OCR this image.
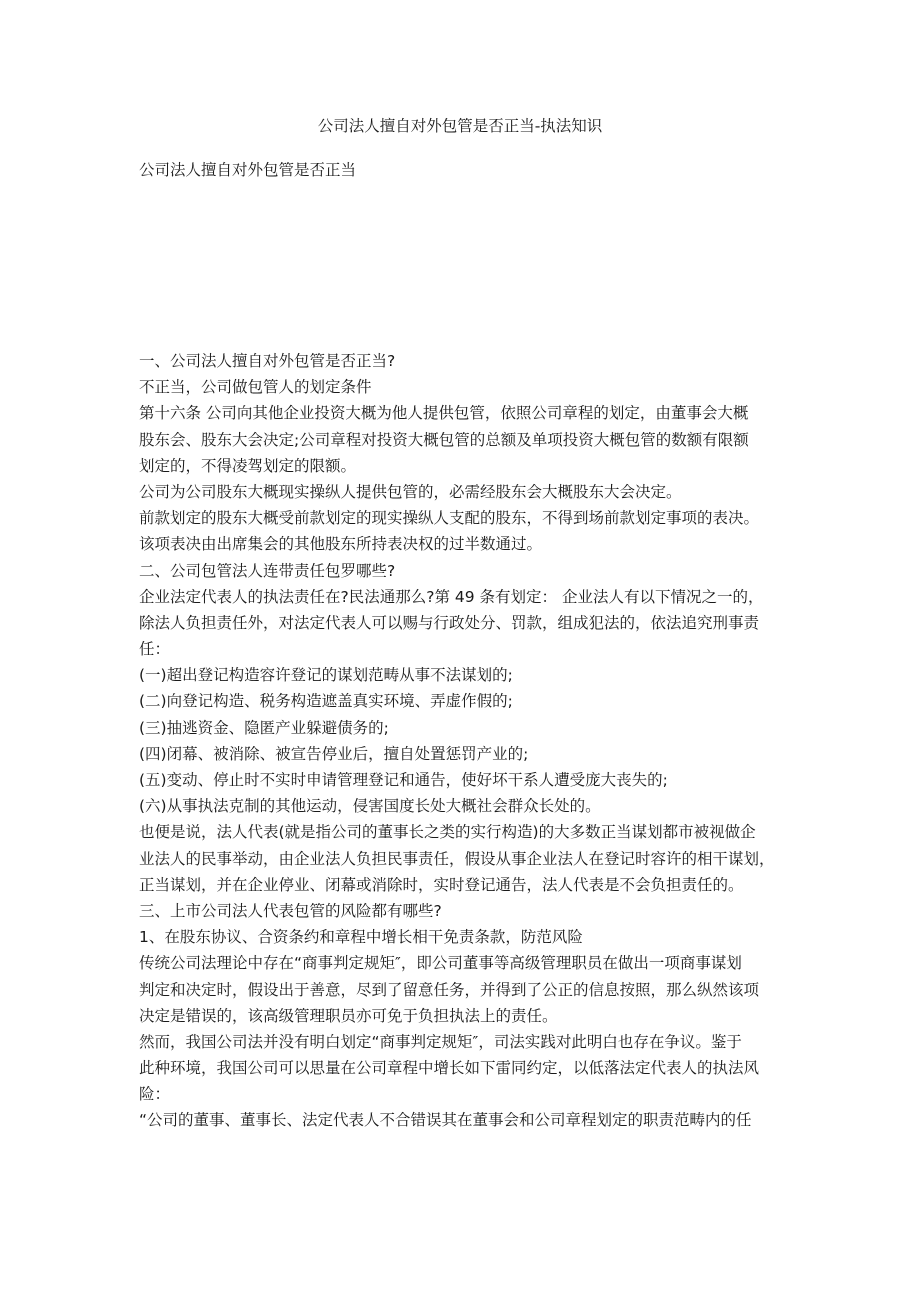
公司法人擅自对外包管是否正当-执法知识
公司法人擅自对外包管是否正当
一、公司法人擅自对外包管是否正当?
不正当，公司做包管人的划定条件
第十六条 公司向其他企业投资大概为他人提供包管，依照公司章程的划定，由董事会大概
股东会、股东大会决定;公司章程对投资大概包管的总额及单项投资大概包管的数额有限额
划定的，不得凌驾划定的限额。
公司为公司股东大概现实操纵人提供包管的，必需经股东会大概股东大会决定。
前款划定的股东大概受前款划定的现实操纵人支配的股东，不得到场前款划定事项的表决。
该项表决由出席集会的其他股东所持表决权的过半数通过。
二、公司包管法人连带责任包罗哪些?
企业法定代表人的执法责任在?民法通那么?第 49 条有划定： 企业法人有以下情况之一的，
除法人负担责任外，对法定代表人可以赐与行政处分、罚款，组成犯法的，依法追究刑事责
任：
(一)超出登记构造容许登记的谋划范畴从事不法谋划的;
(二)向登记构造、税务构造遮盖真实环境、弄虚作假的;
(三)抽逃资金、隐匿产业躲避债务的;
(四)闭幕、被消除、被宣告停业后，擅自处置惩罚产业的;
(五)变动、停止时不实时申请管理登记和通告，使好坏干系人遭受庞大丧失的;
(六)从事执法克制的其他运动，侵害国度长处大概社会群众长处的。
也便是说，法人代表(就是指公司的董事长之类的实行构造)的大多数正当谋划都市被视做企
业法人的民事举动，由企业法人负担民事责任，假设从事企业法人在登记时容许的相干谋划，
正当谋划，并在企业停业、闭幕或消除时，实时登记通告，法人代表是不会负担责任的。
三、上市公司法人代表包管的风险都有哪些?
1、在股东协议、合资条约和章程中增长相干免责条款，防范风险
传统公司法理论中存在“商事判定规矩″，即公司董事等高级管理职员在做出一项商事谋划
判定和决定时，假设出于善意，尽到了留意任务，并得到了公正的信息按照，那么纵然该项
决定是错误的，该高级管理职员亦可免于负担执法上的责任。
然而，我国公司法并没有明白划定“商事判定规矩″，司法实践对此明白也存在争议。鉴于
此种环境，我国公司可以思量在公司章程中增长如下雷同约定，以低落法定代表人的执法风
险：
“公司的董事、董事长、法定代表人不合错误其在董事会和公司章程划定的职责范畴内的任
